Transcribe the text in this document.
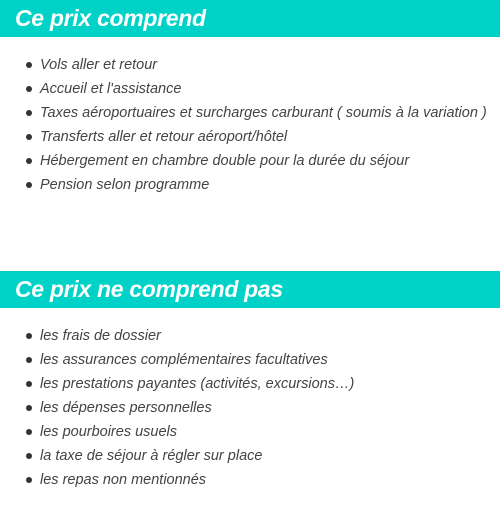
Ce prix comprend
Vols aller et retour
Accueil et l'assistance
Taxes aéroportuaires et surcharges carburant ( soumis à la variation )
Transferts aller et retour aéroport/hôtel
Hébergement en chambre double pour la durée du séjour
Pension selon programme
Ce prix ne comprend pas
les frais de dossier
les assurances complémentaires facultatives
les prestations payantes (activités, excursions…)
les dépenses personnelles
les pourboires usuels
la taxe de séjour à régler sur place
les repas non mentionnés
